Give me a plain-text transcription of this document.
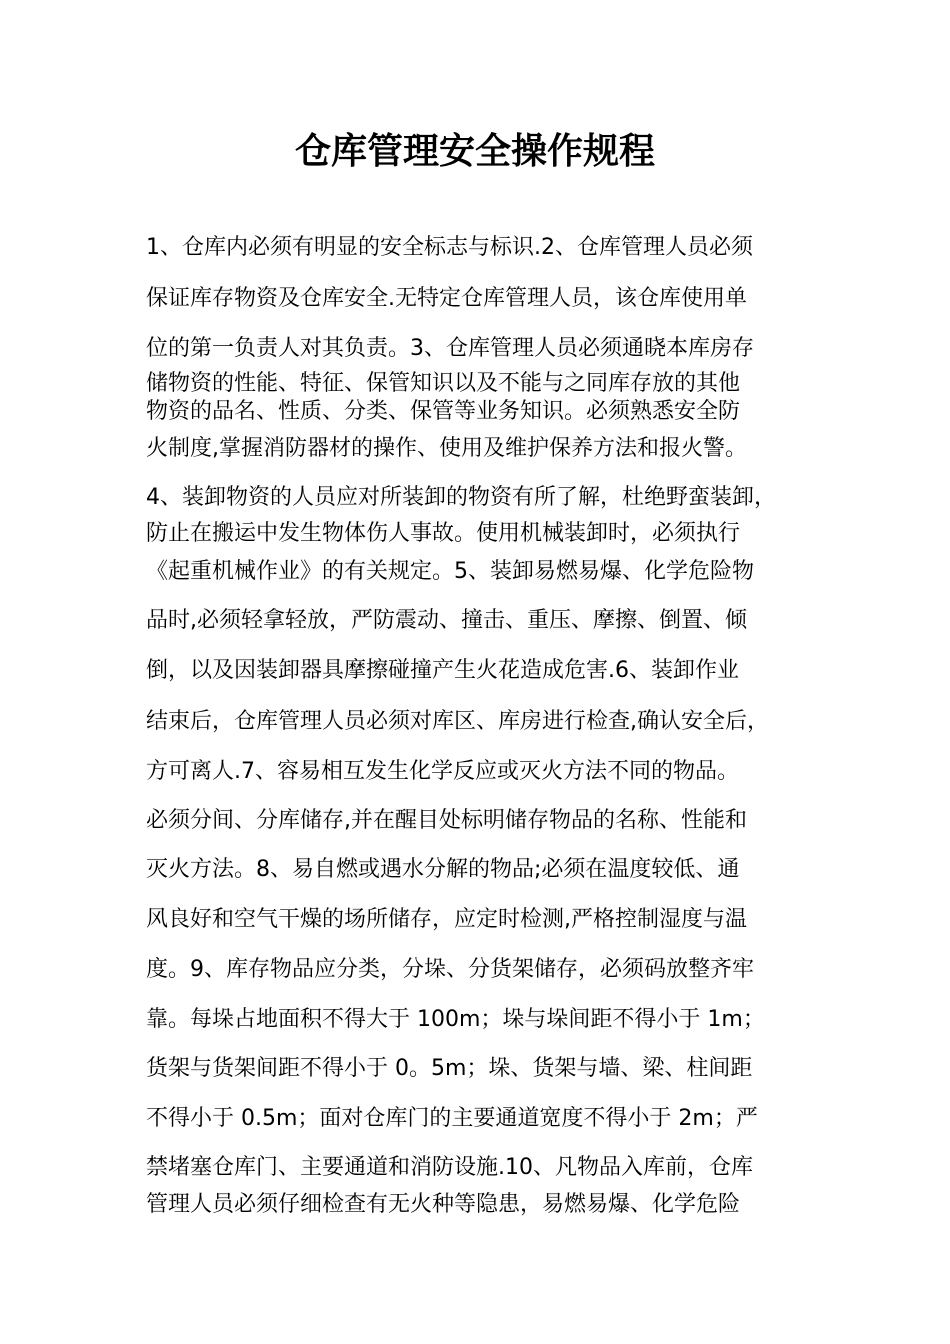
仓库管理安全操作规程
1、仓库内必须有明显的安全标志与标识.2、仓库管理人员必须
保证库存物资及仓库安全.无特定仓库管理人员，该仓库使用单
位的第一负责人对其负责。3、仓库管理人员必须通晓本库房存
储物资的性能、特征、保管知识以及不能与之同库存放的其他
物资的品名、性质、分类、保管等业务知识。必须熟悉安全防
火制度,掌握消防器材的操作、使用及维护保养方法和报火警。
4、装卸物资的人员应对所装卸的物资有所了解，杜绝野蛮装卸，
防止在搬运中发生物体伤人事故。使用机械装卸时，必须执行
《起重机械作业》的有关规定。5、装卸易燃易爆、化学危险物
品时,必须轻拿轻放，严防震动、撞击、重压、摩擦、倒置、倾
倒，以及因装卸器具摩擦碰撞产生火花造成危害.6、装卸作业
结束后，仓库管理人员必须对库区、库房进行检查,确认安全后，
方可离人.7、容易相互发生化学反应或灭火方法不同的物品。
必须分间、分库储存,并在醒目处标明储存物品的名称、性能和
灭火方法。8、易自燃或遇水分解的物品;必须在温度较低、通
风良好和空气干燥的场所储存，应定时检测,严格控制湿度与温
度。9、库存物品应分类，分垛、分货架储存，必须码放整齐牢
靠。每垛占地面积不得大于 100m；垛与垛间距不得小于 1m；
货架与货架间距不得小于 0。5m；垛、货架与墙、梁、柱间距
不得小于 0.5m；面对仓库门的主要通道宽度不得小于 2m；严
禁堵塞仓库门、主要通道和消防设施.10、凡物品入库前，仓库
管理人员必须仔细检查有无火种等隐患，易燃易爆、化学危险
